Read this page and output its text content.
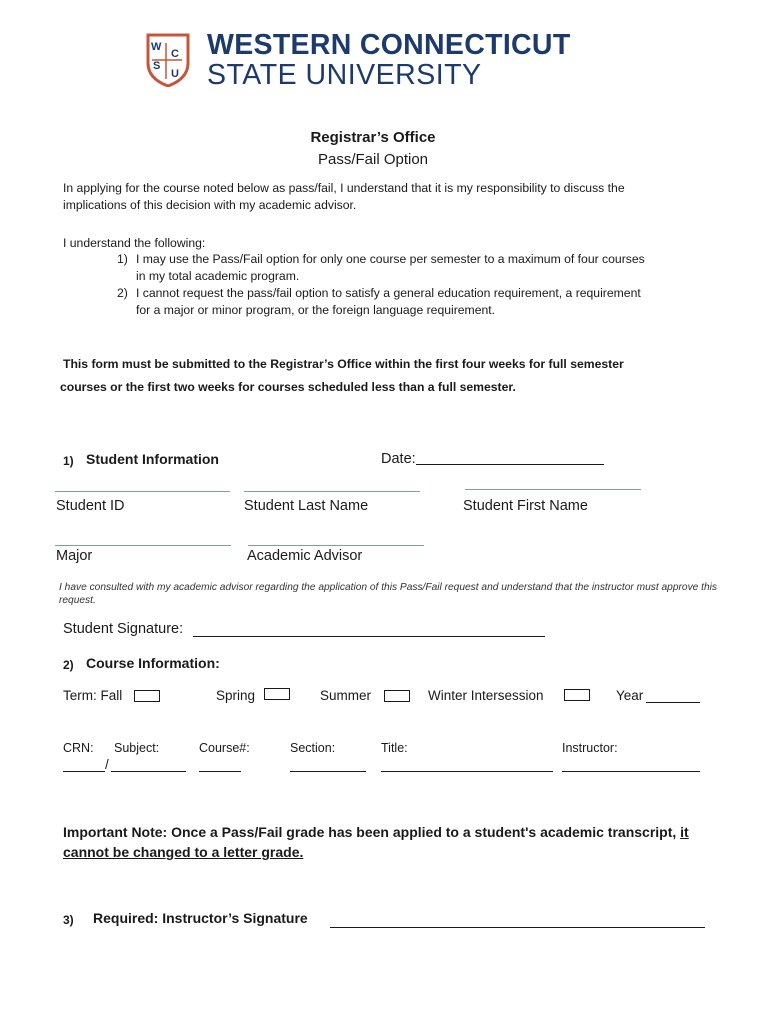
W
C
S
U
WESTERN CONNECTICUT
STATE UNIVERSITY
Registrar’s Office
Pass/Fail Option
In applying for the course noted below as pass/fail, I understand that it is my responsibility to discuss the implications of this decision with my academic advisor.
I understand the following:
1) I may use the Pass/Fail option for only one course per semester to a maximum of four courses in my total academic program.
2) I cannot request the pass/fail option to satisfy a general education requirement, a requirement for a major or minor program, or the foreign language requirement.
This form must be submitted to the Registrar’s Office within the first four weeks for full semester
courses or the first two weeks for courses scheduled less than a full semester.
1) Student Information	Date:
Student ID	Student Last Name	Student First Name
Major	Academic Advisor
I have consulted with my academic advisor regarding the application of this Pass/Fail request and understand that the instructor must approve this request.
Student Signature:
2) Course Information:
Term: Fall	Spring	Summer	Winter Intersession	Year
CRN: Subject:	Course#:	Section:	Title:	Instructor:
/
Important Note: Once a Pass/Fail grade has been applied to a student's academic transcript, it cannot be changed to a letter grade.
3) Required: Instructor’s Signature
